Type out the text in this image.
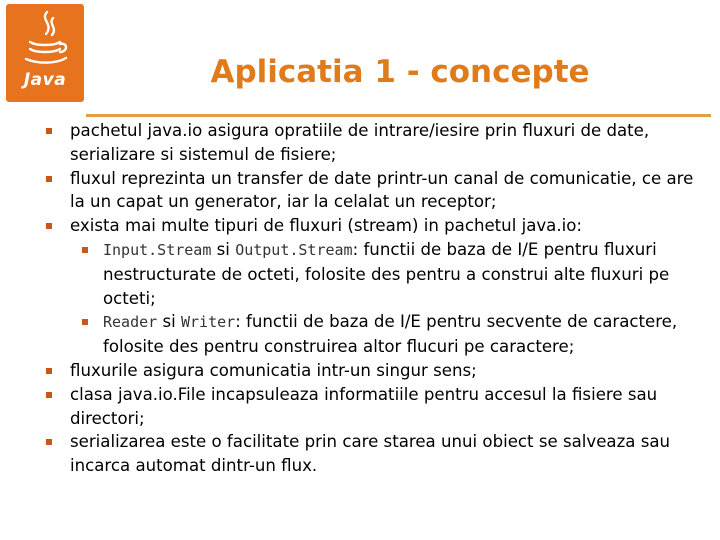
Java	Aplicatia 1 - concepte
pachetul java.io asigura opratiile de intrare/iesire prin fluxuri de date, serializare si sistemul de fisiere;
fluxul reprezinta un transfer de date printr-un canal de comunicatie, ce are la un capat un generator, iar la celalat un receptor;
exista mai multe tipuri de fluxuri (stream) in pachetul java.io:
Input.Stream si Output.Stream: functii de baza de I/E pentru fluxuri nestructurate de octeti, folosite des pentru a construi alte fluxuri pe octeti;
Reader si Writer: functii de baza de I/E pentru secvente de caractere, folosite des pentru construirea altor flucuri pe caractere;
fluxurile asigura comunicatia intr-un singur sens;
clasa java.io.File incapsuleaza informatiile pentru accesul la fisiere sau directori;
serializarea este o facilitate prin care starea unui obiect se salveaza sau incarca automat dintr-un flux.
